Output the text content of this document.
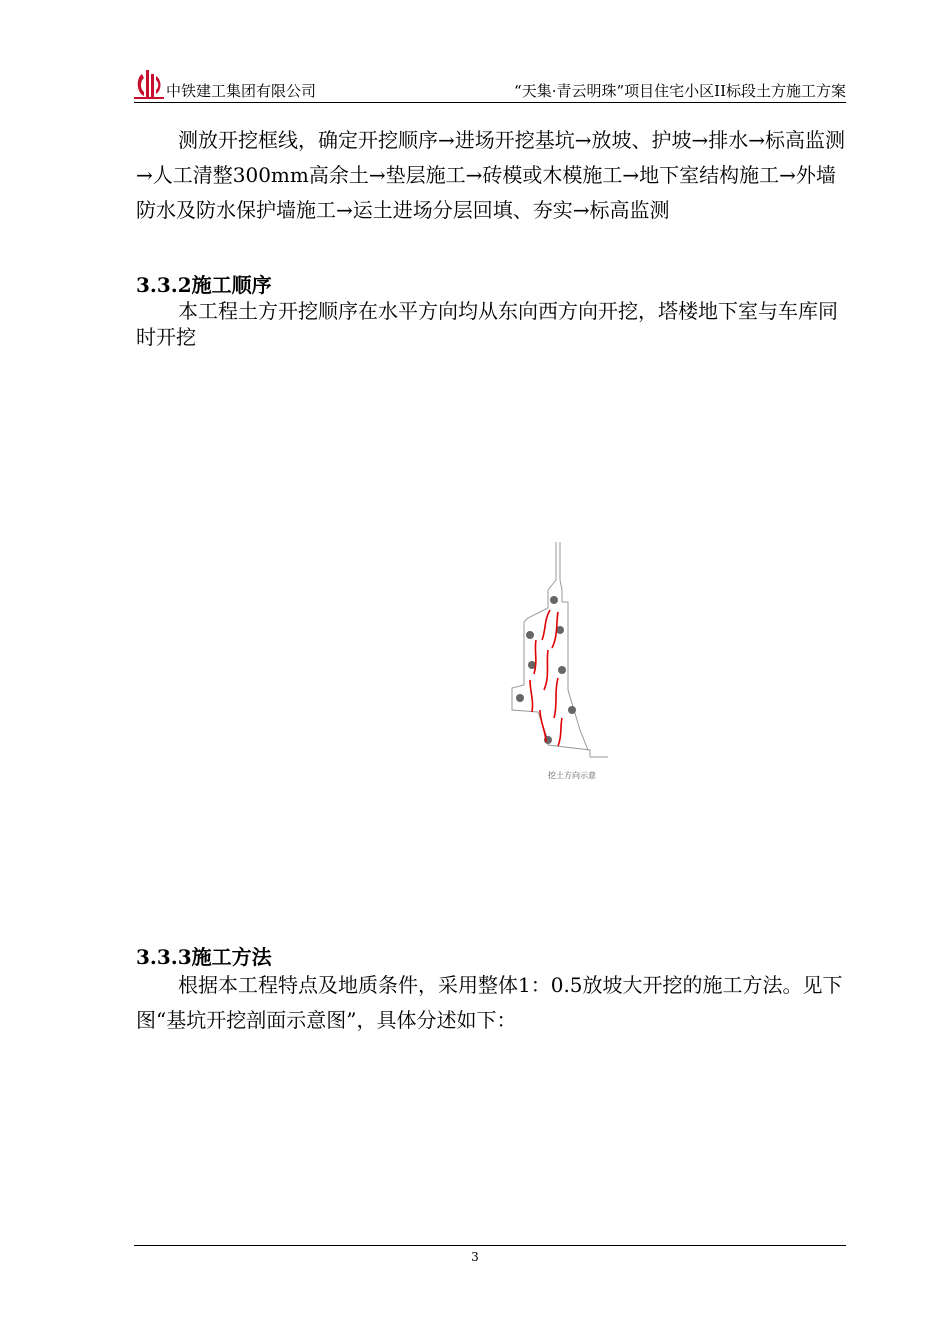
中铁建工集团有限公司	“天集·青云明珠”项目住宅小区II标段土方施工方案

测放开挖框线，确定开挖顺序→进场开挖基坑→放坡、护坡→排水→标高监测→人工清整300mm高余土→垫层施工→砖模或木模施工→地下室结构施工→外墙防水及防水保护墙施工→运土进场分层回填、夯实→标高监测

3.3.2施工顺序

本工程土方开挖顺序在水平方向均从东向西方向开挖，塔楼地下室与车库同时开挖

挖土方向示意

3.3.3施工方法

根据本工程特点及地质条件，采用整体1：0.5放坡大开挖的施工方法。见下图“基坑开挖剖面示意图”，具体分述如下：

3
